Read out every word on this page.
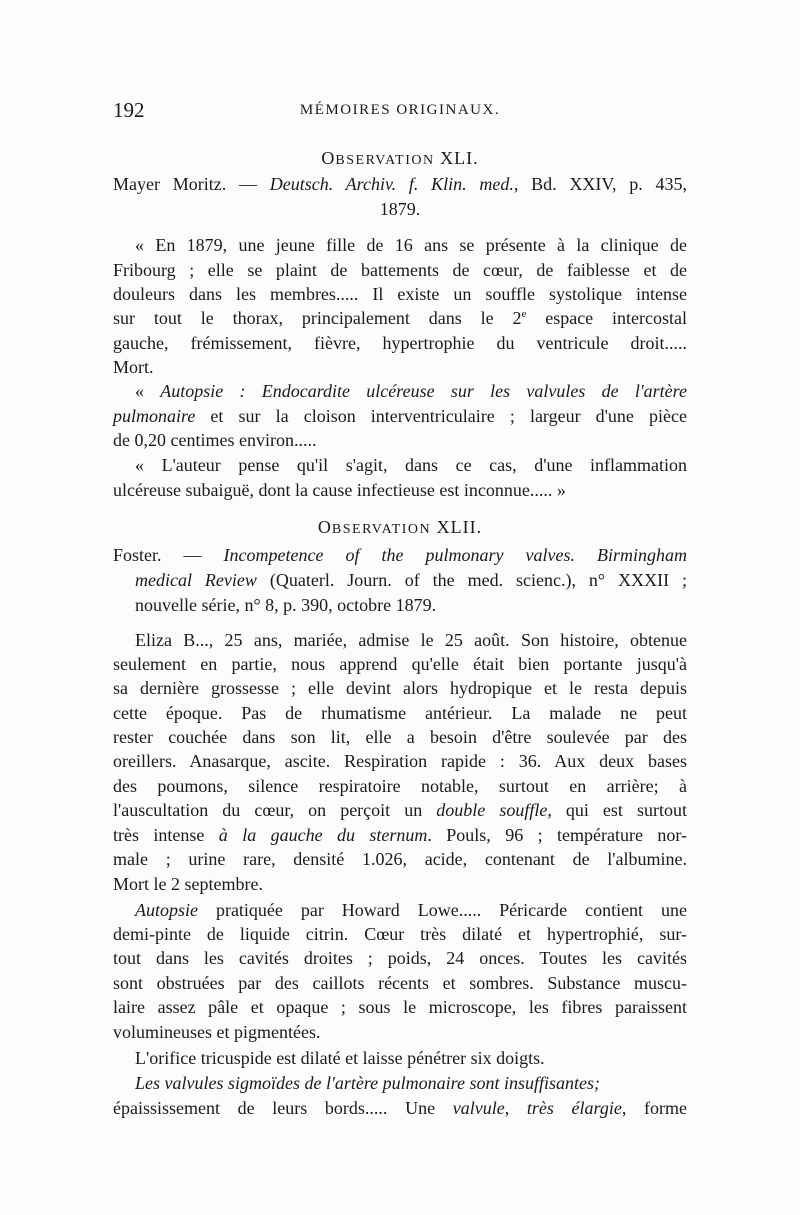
192	MÉMOIRES ORIGINAUX.
OBSERVATION XLI.
Mayer Moritz. — Deutsch. Archiv. f. Klin. med., Bd. XXIV, p. 435,
1879.
« En 1879, une jeune fille de 16 ans se présente à la clinique de
Fribourg ; elle se plaint de battements de cœur, de faiblesse et de
douleurs dans les membres..... Il existe un souffle systolique intense
sur tout le thorax, principalement dans le 2e espace intercostal
gauche, frémissement, fièvre, hypertrophie du ventricule droit.....
Mort.
« Autopsie : Endocardite ulcéreuse sur les valvules de l'artère
pulmonaire et sur la cloison interventriculaire ; largeur d'une pièce
de 0,20 centimes environ.....
« L'auteur pense qu'il s'agit, dans ce cas, d'une inflammation
ulcéreuse subaiguë, dont la cause infectieuse est inconnue..... »
OBSERVATION XLII.
Foster. — Incompetence of the pulmonary valves. Birmingham
medical Review (Quaterl. Journ. of the med. scienc.), n° XXXII ;
nouvelle série, n° 8, p. 390, octobre 1879.
Eliza B..., 25 ans, mariée, admise le 25 août. Son histoire, obtenue
seulement en partie, nous apprend qu'elle était bien portante jusqu'à
sa dernière grossesse ; elle devint alors hydropique et le resta depuis
cette époque. Pas de rhumatisme antérieur. La malade ne peut
rester couchée dans son lit, elle a besoin d'être soulevée par des
oreillers. Anasarque, ascite. Respiration rapide : 36. Aux deux bases
des poumons, silence respiratoire notable, surtout en arrière; à
l'auscultation du cœur, on perçoit un double souffle, qui est surtout
très intense à la gauche du sternum. Pouls, 96 ; température nor-
male ; urine rare, densité 1.026, acide, contenant de l'albumine.
Mort le 2 septembre.
Autopsie pratiquée par Howard Lowe..... Péricarde contient une
demi-pinte de liquide citrin. Cœur très dilaté et hypertrophié, sur-
tout dans les cavités droites ; poids, 24 onces. Toutes les cavités
sont obstruées par des caillots récents et sombres. Substance muscu-
laire assez pâle et opaque ; sous le microscope, les fibres paraissent
volumineuses et pigmentées.
L'orifice tricuspide est dilaté et laisse pénétrer six doigts.
Les valvules sigmoïdes de l'artère pulmonaire sont insuffisantes;
épaississement de leurs bords..... Une valvule, très élargie, forme
